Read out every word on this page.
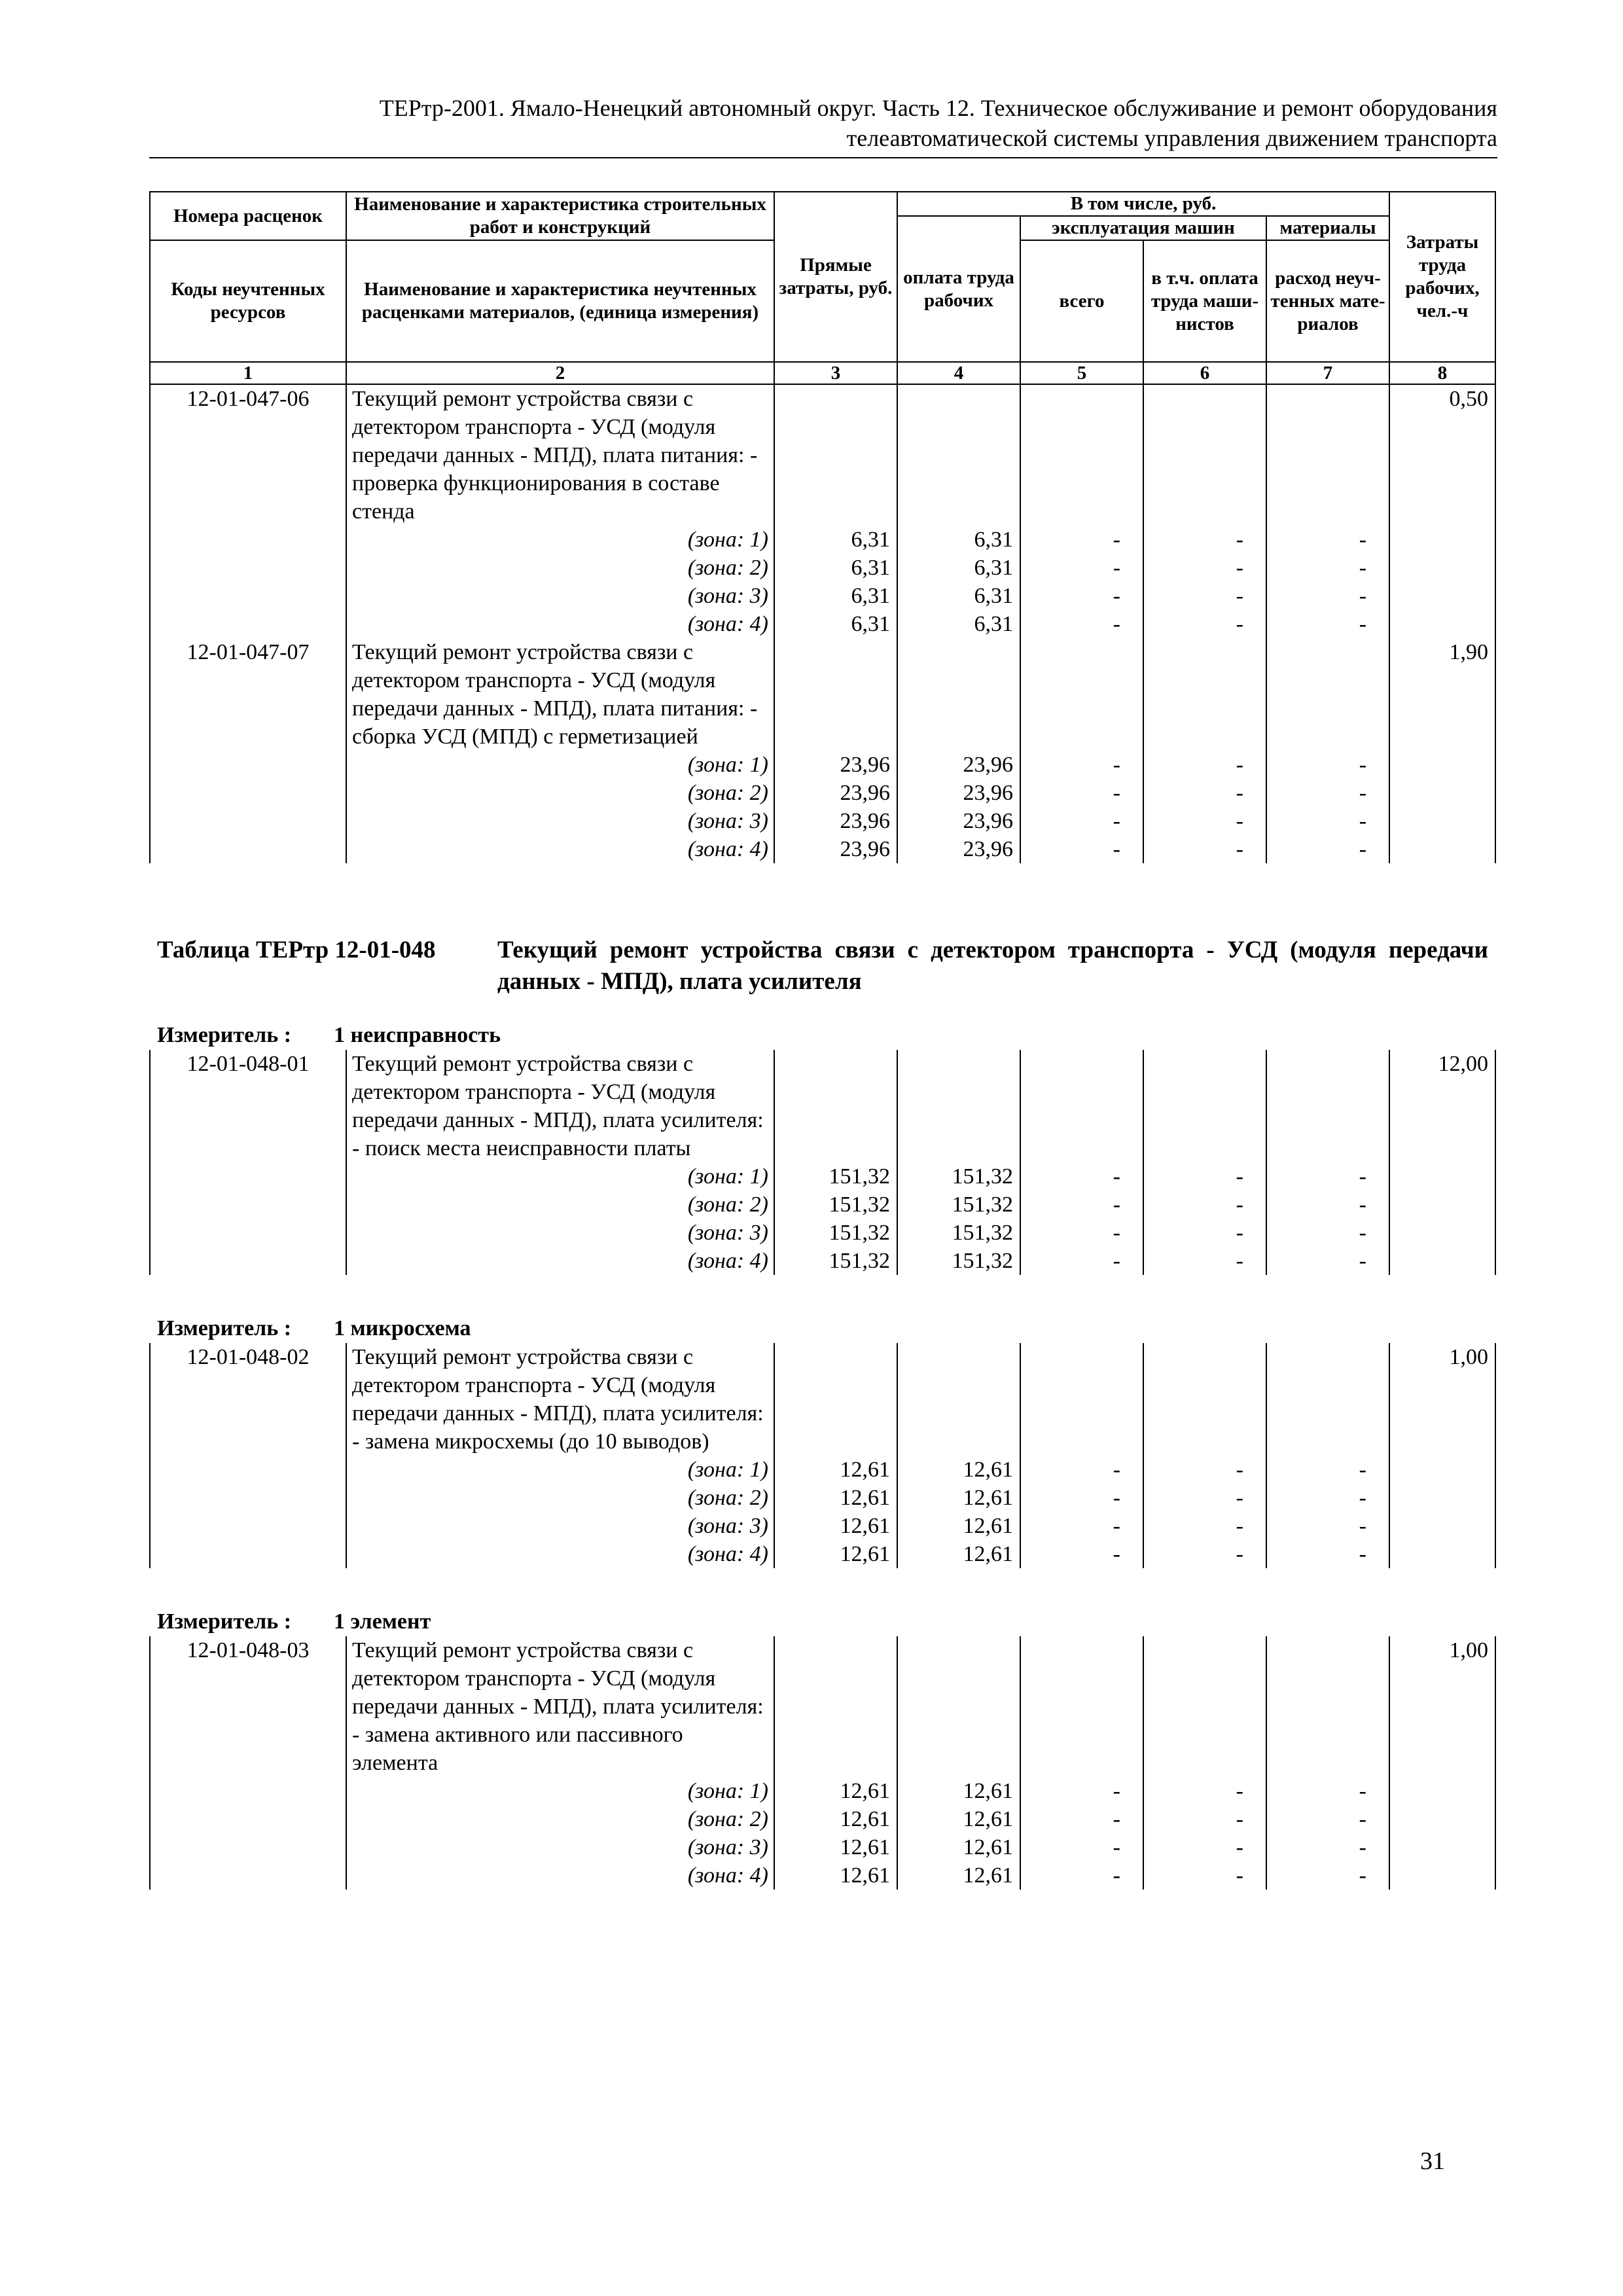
ТЕРтр-2001. Ямало-Ненецкий автономный округ. Часть 12. Техническое обслуживание и ремонт оборудования
телеавтоматической системы управления движением транспорта
Номера расценок	Наименование и характеристика строительных работ и конструкций	Прямые затраты, руб.	В том числе, руб.				Затраты труда рабочих, чел.-ч
			оплата труда рабочих	эксплуатация машин		материалы	
Коды неучтенных ресурсов	Наименование и характеристика неучтенных расценками материалов, (единица измерения)			всего	в т.ч. оплата труда маши-нистов	расход неуч-тенных мате-риалов	

1	2	3	4	5	6	7	8
12-01-047-06	Текущий ремонт устройства связи с детектором транспорта - УСД (модуля передачи данных - МПД), плата питания: - проверка функционирования в составе стенда						0,50
	(зона: 1)	6,31	6,31	-	-	-	
	(зона: 2)	6,31	6,31	-	-	-	
	(зона: 3)	6,31	6,31	-	-	-	
	(зона: 4)	6,31	6,31	-	-	-	
12-01-047-07	Текущий ремонт устройства связи с детектором транспорта - УСД (модуля передачи данных - МПД), плата питания: - сборка УСД (МПД) с герметизацией						1,90
	(зона: 1)	23,96	23,96	-	-	-	
	(зона: 2)	23,96	23,96	-	-	-	
	(зона: 3)	23,96	23,96	-	-	-	
	(зона: 4)	23,96	23,96	-	-	-	
Таблица ТЕРтр 12-01-048	Текущий ремонт устройства связи с детектором транспорта - УСД (модуля передачи данных - МПД), плата усилителя
Измеритель : 1 неисправность
12-01-048-01	Текущий ремонт устройства связи с детектором транспорта - УСД (модуля передачи данных - МПД), плата усилителя: - поиск места неисправности платы						12,00
	(зона: 1)	151,32	151,32	-	-	-	
	(зона: 2)	151,32	151,32	-	-	-	
	(зона: 3)	151,32	151,32	-	-	-	
	(зона: 4)	151,32	151,32	-	-	-	
Измеритель : 1 микросхема
12-01-048-02	Текущий ремонт устройства связи с детектором транспорта - УСД (модуля передачи данных - МПД), плата усилителя: - замена микросхемы (до 10 выводов)						1,00
	(зона: 1)	12,61	12,61	-	-	-	
	(зона: 2)	12,61	12,61	-	-	-	
	(зона: 3)	12,61	12,61	-	-	-	
	(зона: 4)	12,61	12,61	-	-	-	
Измеритель : 1 элемент
12-01-048-03	Текущий ремонт устройства связи с детектором транспорта - УСД (модуля передачи данных - МПД), плата усилителя: - замена активного или пассивного элемента						1,00
	(зона: 1)	12,61	12,61	-	-	-	
	(зона: 2)	12,61	12,61	-	-	-	
	(зона: 3)	12,61	12,61	-	-	-	
	(зона: 4)	12,61	12,61	-	-	-	
31
